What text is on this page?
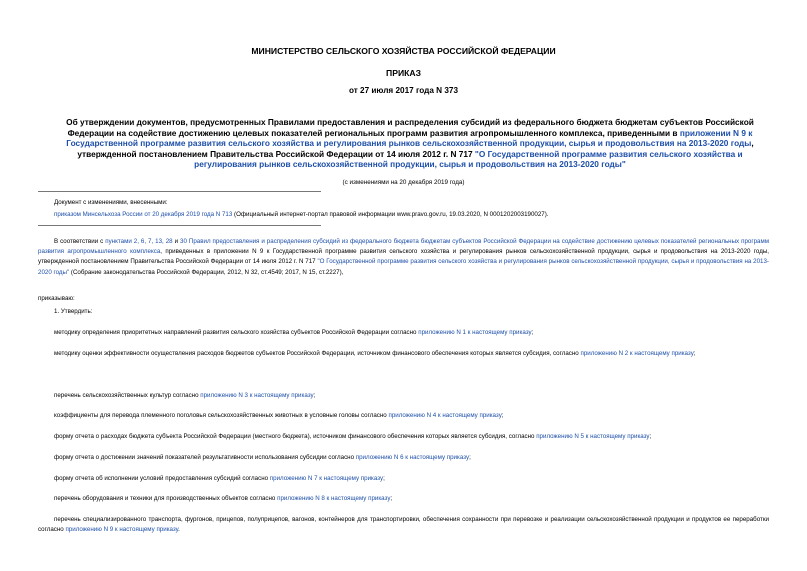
МИНИСТЕРСТВО СЕЛЬСКОГО ХОЗЯЙСТВА РОССИЙСКОЙ ФЕДЕРАЦИИ
ПРИКАЗ
от 27 июля 2017 года N 373
Об утверждении документов, предусмотренных Правилами предоставления и распределения субсидий из федерального бюджета бюджетам субъектов Российской Федерации на содействие достижению целевых показателей региональных программ развития агропромышленного комплекса, приведенными в приложении N 9 к Государственной программе развития сельского хозяйства и регулирования рынков сельскохозяйственной продукции, сырья и продовольствия на 2013-2020 годы, утвержденной постановлением Правительства Российской Федерации от 14 июля 2012 г. N 717 "О Государственной программе развития сельского хозяйства и регулирования рынков сельскохозяйственной продукции, сырья и продовольствия на 2013-2020 годы"
(с изменениями на 20 декабря 2019 года)
Документ с изменениями, внесенными:
приказом Минсельхоза России от 20 декабря 2019 года N 713 (Официальный интернет-портал правовой информации www.pravo.gov.ru, 19.03.2020, N 0001202003190027).
В соответствии с пунктами 2, 6, 7, 13, 28 и 30 Правил предоставления и распределения субсидий из федерального бюджета бюджетам субъектов Российской Федерации на содействие достижению целевых показателей региональных программ развития агропромышленного комплекса, приведенных в приложении N 9 к Государственной программе развития сельского хозяйства и регулирования рынков сельскохозяйственной продукции, сырья и продовольствия на 2013-2020 годы, утвержденной постановлением Правительства Российской Федерации от 14 июля 2012 г. N 717 "О Государственной программе развития сельского хозяйства и регулирования рынков сельскохозяйственной продукции, сырья и продовольствия на 2013-2020 годы" (Собрание законодательства Российской Федерации, 2012, N 32, ст.4549; 2017, N 15, ст.2227),
приказываю:
1. Утвердить:
методику определения приоритетных направлений развития сельского хозяйства субъектов Российской Федерации согласно приложению N 1 к настоящему приказу;
методику оценки эффективности осуществления расходов бюджетов субъектов Российской Федерации, источником финансового обеспечения которых является субсидия, согласно приложению N 2 к настоящему приказу;
перечень сельскохозяйственных культур согласно приложению N 3 к настоящему приказу;
коэффициенты для перевода племенного поголовья сельскохозяйственных животных в условные головы согласно приложению N 4 к настоящему приказу;
форму отчета о расходах бюджета субъекта Российской Федерации (местного бюджета), источником финансового обеспечения которых является субсидия, согласно приложению N 5 к настоящему приказу;
форму отчета о достижении значений показателей результативности использования субсидии согласно приложению N 6 к настоящему приказу;
форму отчета об исполнении условий предоставления субсидий согласно приложению N 7 к настоящему приказу;
перечень оборудования и техники для производственных объектов согласно приложению N 8 к настоящему приказу;
перечень специализированного транспорта, фургонов, прицепов, полуприцепов, вагонов, контейнеров для транспортировки, обеспечения сохранности при перевозке и реализации сельскохозяйственной продукции и продуктов ее переработки согласно приложению N 9 к настоящему приказу.
